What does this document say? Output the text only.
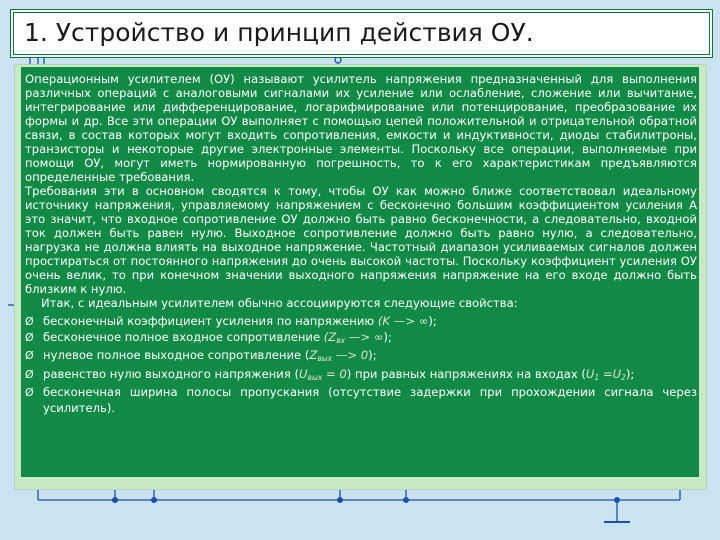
1. Устройство и принцип действия ОУ.
Операционным усилителем (ОУ) называют усилитель напряжения предназначенный для выполнения различных операций с аналоговыми сигналами их усиление или ослабление, сложение или вычитание, интегрирование или дифференцирование, логарифмирование или потенцирование, преобразование их формы и др. Все эти операции ОУ выполняет с помощью цепей положительной и отрицательной обратной связи, в состав которых могут входить сопротивления, емкости и индуктивности, диоды стабилитроны, транзисторы и некоторые другие электронные элементы. Поскольку все операции, выполняемые при помощи ОУ, могут иметь нормированную погрешность, то к его характеристикам предъявляются определенные требования.
Требования эти в основном сводятся к тому, чтобы ОУ как можно ближе соответствовал идеальному источнику напряжения, управляемому напряжением с бесконечно большим коэффициентом усиления А это значит, что входное сопротивление ОУ должно быть равно бесконечности, а следовательно, входной ток должен быть равен нулю. Выходное сопротивление должно быть равно нулю, а следовательно, нагрузка не должна влиять на выходное напряжение. Частотный диапазон усиливаемых сигналов должен простираться от постоянного напряжения до очень высокой частоты. Поскольку коэффициент усиления ОУ очень велик, то при конечном значении выходного напряжения напряжение на его входе должно быть близким к нулю.
Итак, с идеальным усилителем обычно ассоциируются следующие свойства:
Ø бесконечный коэффициент усиления по напряжению (K —> ∞);
Ø бесконечное полное входное сопротивление (Zвх —> ∞);
Ø нулевое полное выходное сопротивление (Zвых —> 0);
Ø равенство нулю выходного напряжения (Uвых = 0) при равных напряжениях на входах (U1 =U2);
Ø бесконечная ширина полосы пропускания (отсутствие задержки при прохождении сигнала через усилитель).
